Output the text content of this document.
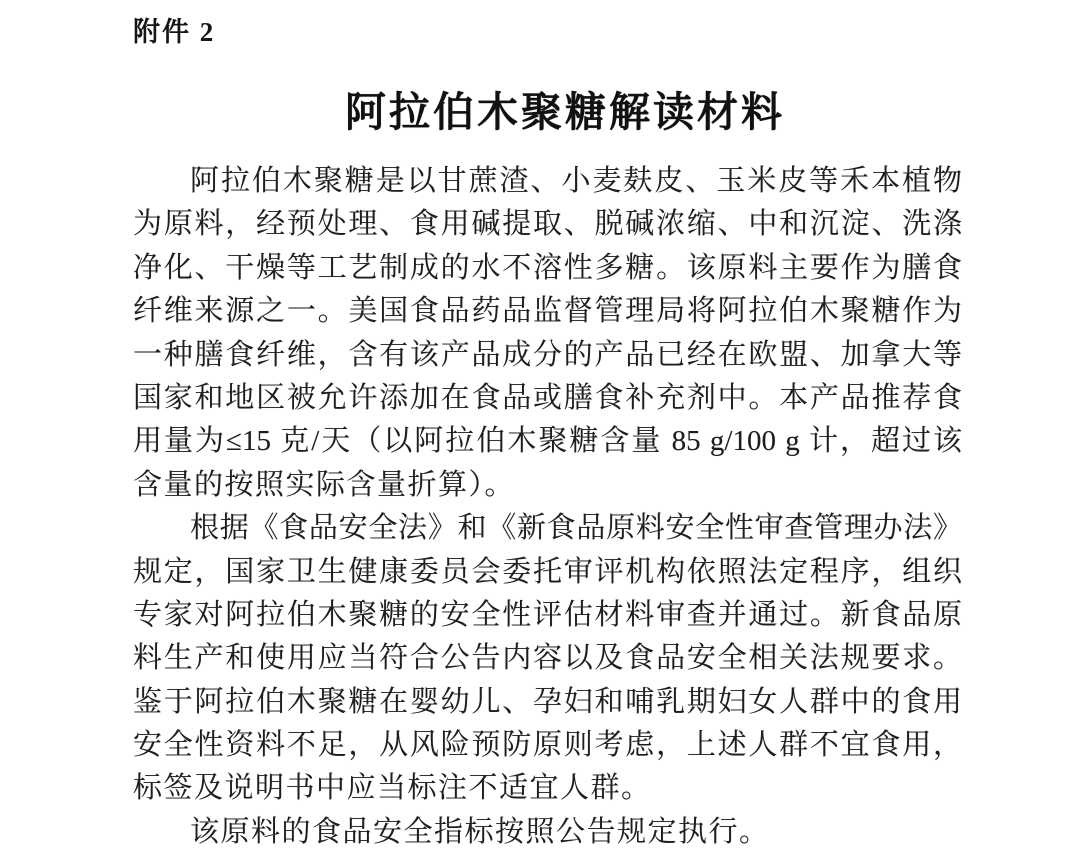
附件 2
阿拉伯木聚糖解读材料
阿拉伯木聚糖是以甘蔗渣、小麦麸皮、玉米皮等禾本植物
为原料，经预处理、食用碱提取、脱碱浓缩、中和沉淀、洗涤
净化、干燥等工艺制成的水不溶性多糖。该原料主要作为膳食
纤维来源之一。美国食品药品监督管理局将阿拉伯木聚糖作为
一种膳食纤维，含有该产品成分的产品已经在欧盟、加拿大等
国家和地区被允许添加在食品或膳食补充剂中。本产品推荐食
用量为≤15 克/天（以阿拉伯木聚糖含量 85 g/100 g 计，超过该
含量的按照实际含量折算）。
根据《食品安全法》和《新食品原料安全性审查管理办法》
规定，国家卫生健康委员会委托审评机构依照法定程序，组织
专家对阿拉伯木聚糖的安全性评估材料审查并通过。新食品原
料生产和使用应当符合公告内容以及食品安全相关法规要求。
鉴于阿拉伯木聚糖在婴幼儿、孕妇和哺乳期妇女人群中的食用
安全性资料不足，从风险预防原则考虑，上述人群不宜食用，
标签及说明书中应当标注不适宜人群。
该原料的食品安全指标按照公告规定执行。
